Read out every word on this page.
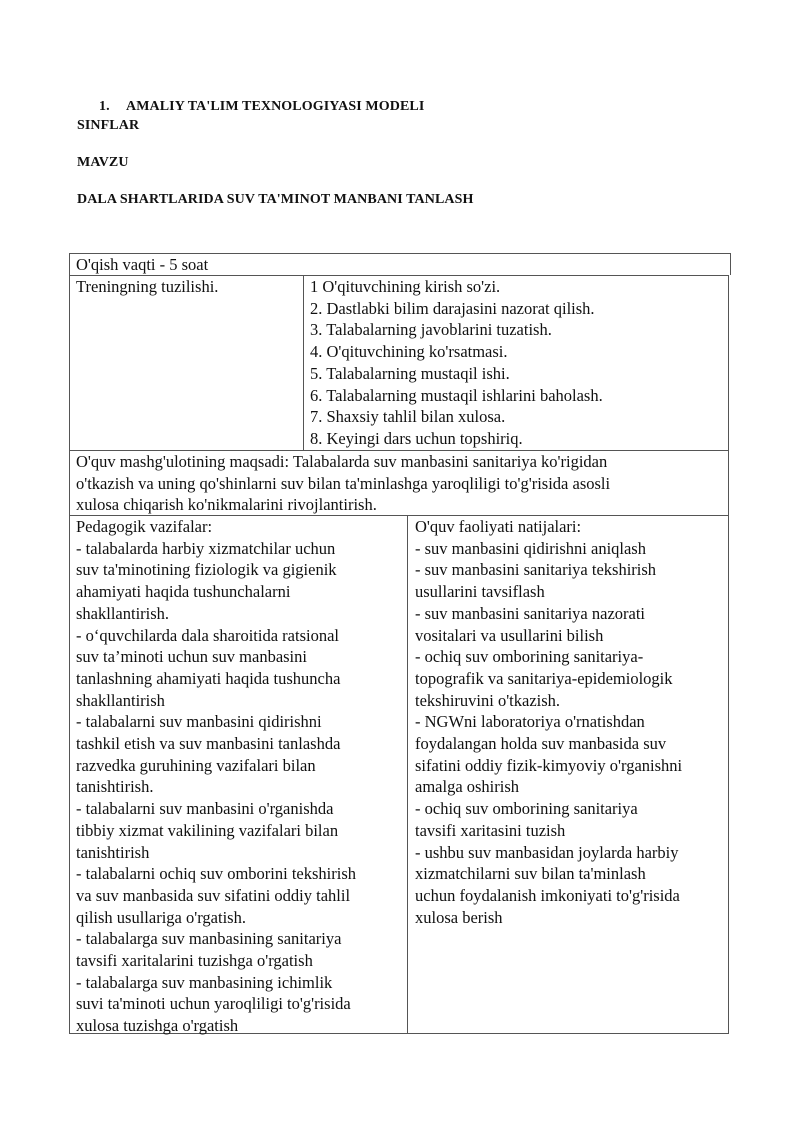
1. AMALIY TA'LIM TEXNOLOGIYASI MODELI
SINFLAR
MAVZU
DALA SHARTLARIDA SUV TA'MINOT MANBANI TANLASH
O'qish vaqti - 5 soat
Treningning tuzilishi.	1 O'qituvchining kirish so'zi.
2. Dastlabki bilim darajasini nazorat qilish.
3. Talabalarning javoblarini tuzatish.
4. O'qituvchining ko'rsatmasi.
5. Talabalarning mustaqil ishi.
6. Talabalarning mustaqil ishlarini baholash.
7. Shaxsiy tahlil bilan xulosa.
8. Keyingi dars uchun topshiriq.
O'quv mashg'ulotining maqsadi: Talabalarda suv manbasini sanitariya ko'rigidan
o'tkazish va uning qo'shinlarni suv bilan ta'minlashga yaroqliligi to'g'risida asosli
xulosa chiqarish ko'nikmalarini rivojlantirish.
Pedagogik vazifalar:
- talabalarda harbiy xizmatchilar uchun
suv ta'minotining fiziologik va gigienik
ahamiyati haqida tushunchalarni
shakllantirish.
- o‘quvchilarda dala sharoitida ratsional
suv ta’minoti uchun suv manbasini
tanlashning ahamiyati haqida tushuncha
shakllantirish
- talabalarni suv manbasini qidirishni
tashkil etish va suv manbasini tanlashda
razvedka guruhining vazifalari bilan
tanishtirish.
- talabalarni suv manbasini o'rganishda
tibbiy xizmat vakilining vazifalari bilan
tanishtirish
- talabalarni ochiq suv omborini tekshirish
va suv manbasida suv sifatini oddiy tahlil
qilish usullariga o'rgatish.
- talabalarga suv manbasining sanitariya
tavsifi xaritalarini tuzishga o'rgatish
- talabalarga suv manbasining ichimlik
suvi ta'minoti uchun yaroqliligi to'g'risida
xulosa tuzishga o'rgatish
O'quv faoliyati natijalari:
- suv manbasini qidirishni aniqlash
- suv manbasini sanitariya tekshirish
usullarini tavsiflash
- suv manbasini sanitariya nazorati
vositalari va usullarini bilish
- ochiq suv omborining sanitariya-
topografik va sanitariya-epidemiologik
tekshiruvini o'tkazish.
- NGWni laboratoriya o'rnatishdan
foydalangan holda suv manbasida suv
sifatini oddiy fizik-kimyoviy o'rganishni
amalga oshirish
- ochiq suv omborining sanitariya
tavsifi xaritasini tuzish
- ushbu suv manbasidan joylarda harbiy
xizmatchilarni suv bilan ta'minlash
uchun foydalanish imkoniyati to'g'risida
xulosa berish
